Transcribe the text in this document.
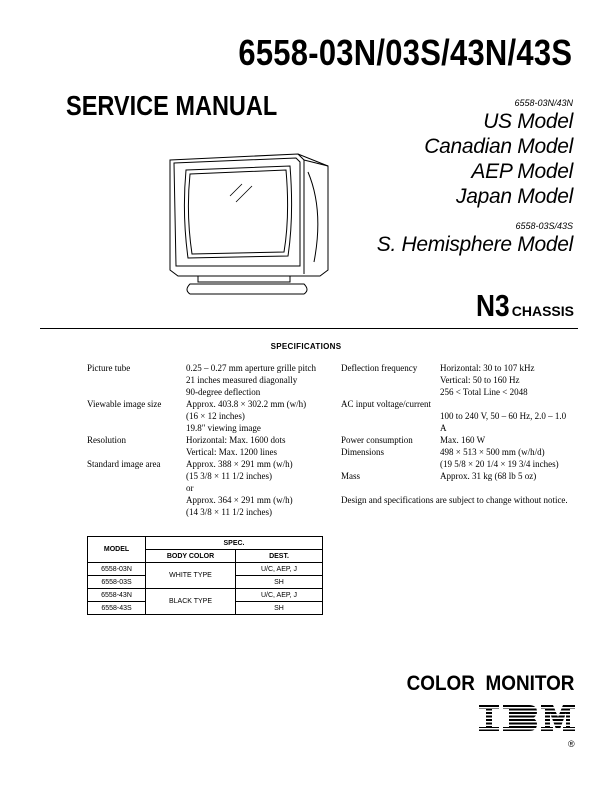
6558-03N/03S/43N/43S
SERVICE MANUAL	6558-03N/43N
US Model
Canadian Model
AEP Model
Japan Model
6558-03S/43S
S. Hemisphere Model
N3 CHASSIS
SPECIFICATIONS
Picture tube	0.25 – 0.27 mm aperture grille pitch
21 inches measured diagonally
90-degree deflection
Viewable image size	Approx. 403.8 × 302.2 mm (w/h)
(16 × 12 inches)
19.8" viewing image
Resolution	Horizontal: Max. 1600 dots
Vertical: Max. 1200 lines
Standard image area	Approx. 388 × 291 mm (w/h)
(15 3/8 × 11 1/2 inches)
or
Approx. 364 × 291 mm (w/h)
(14 3/8 × 11 1/2 inches)
Deflection frequency	Horizontal: 30 to 107 kHz
Vertical: 50 to 160 Hz
256 < Total Line < 2048
AC input voltage/current
100 to 240 V, 50 – 60 Hz, 2.0 – 1.0
A
Power consumption	Max. 160 W
Dimensions	498 × 513 × 500 mm (w/h/d)
(19 5/8 × 20 1/4 × 19 3/4 inches)
Mass	Approx. 31 kg (68 lb 5 oz)
Design and specifications are subject to change without notice.
MODEL	SPEC.	
	BODY COLOR	DEST.
6558-03N	WHITE TYPE	U/C, AEP, J
6558-03S		SH
6558-43N	BLACK TYPE	U/C, AEP, J
6558-43S		SH
COLOR MONITOR
®
